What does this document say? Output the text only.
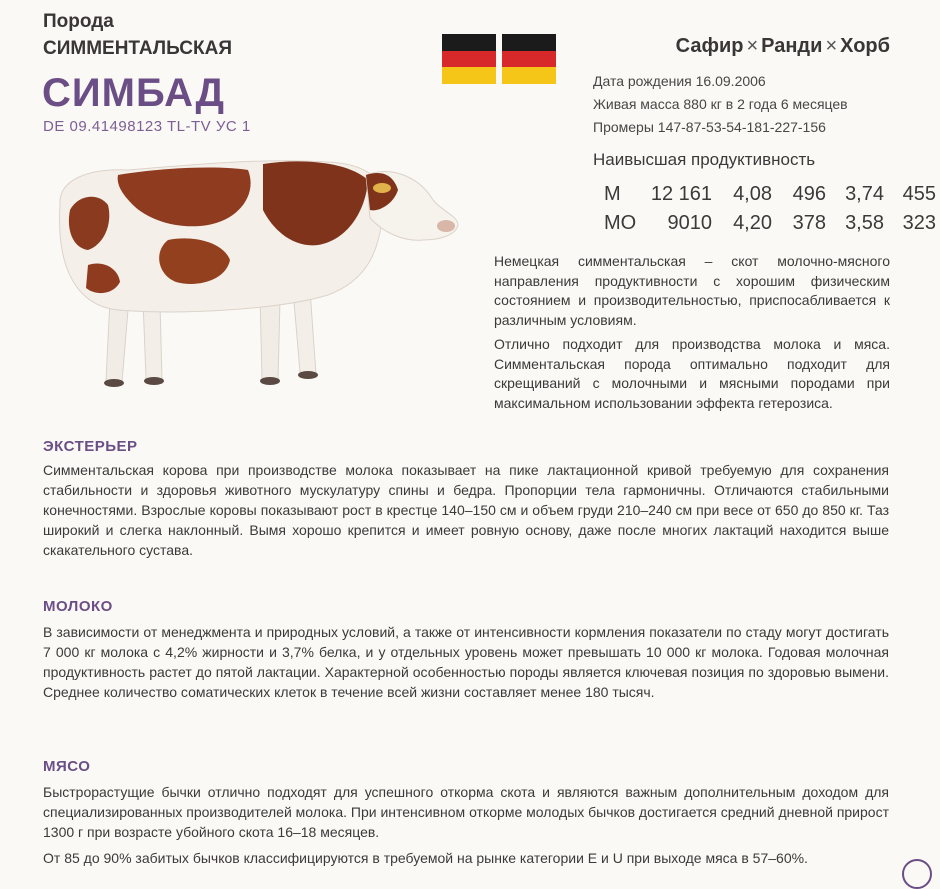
Порода
СИММЕНТАЛЬСКАЯ
СИМБАД
DE 09.41498123 TL-TV УС 1
Сафир × Ранди × Хорб
Дата рождения 16.09.2006
Живая масса 880 кг в 2 года 6 месяцев
Промеры 147-87-53-54-181-227-156
Наивысшая продуктивность
М	12 161	4,08	496	3,74	455
МО	9010	4,20	378	3,58	323

Немецкая симментальская – скот молочно-мясного направления продуктивности с хорошим физическим состоянием и производительностью, приспосабливается к различным условиям.

Отлично подходит для производства молока и мяса. Симментальская порода оптимально подходит для скрещиваний с молочными и мясными породами при максимальном использовании эффекта гетерозиса.

ЭКСТЕРЬЕР
Симментальская корова при производстве молока показывает на пике лактационной кривой требуемую для сохранения стабильности и здоровья животного мускулатуру спины и бедра. Пропорции тела гармоничны. Отличаются стабильными конечностями. Взрослые коровы показывают рост в крестце 140–150 см и объем груди 210–240 см при весе от 650 до 850 кг. Таз широкий и слегка наклонный. Вымя хорошо крепится и имеет ровную основу, даже после многих лактаций находится выше скакательного сустава.
МОЛОКО
В зависимости от менеджмента и природных условий, а также от интенсивности кормления показатели по стаду могут достигать 7 000 кг молока с 4,2% жирности и 3,7% белка, и у отдельных уровень может превышать 10 000 кг молока. Годовая молочная продуктивность растет до пятой лактации. Характерной особенностью породы является ключевая позиция по здоровью вымени. Среднее количество соматических клеток в течение всей жизни составляет менее 180 тысяч.
МЯСО
Быстрорастущие бычки отлично подходят для успешного откорма скота и являются важным дополнительным доходом для специализированных производителей молока. При интенсивном откорме молодых бычков достигается средний дневной прирост 1300 г при возрасте убойного скота 16–18 месяцев.
От 85 до 90% забитых бычков классифицируются в требуемой на рынке категории E и U при выходе мяса в 57–60%.
